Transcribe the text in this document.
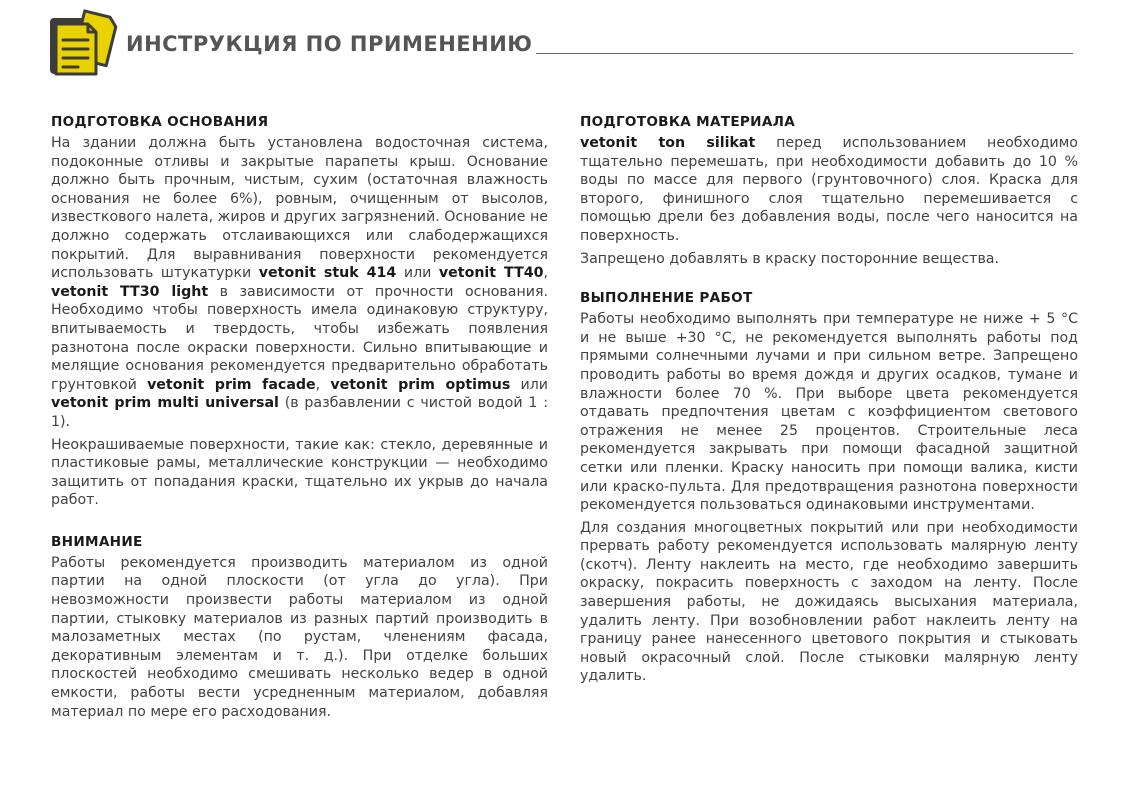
ИНСТРУКЦИЯ ПО ПРИМЕНЕНИЮ
ПОДГОТОВКА ОСНОВАНИЯ

На здании должна быть установлена водосточная система, подоконные отливы и закрытые парапеты крыш. Основание должно быть прочным, чистым, сухим (остаточная влажность основания не более 6%), ровным, очищенным от высолов, известкового налета, жиров и других загрязнений. Основание не должно содержать отслаивающихся или слабодержащихся покрытий. Для выравнивания поверхности рекомендуется использовать штукатурки vetonit stuk 414 или vetonit TT40, vetonit TT30 light в зависимости от прочности основания. Необходимо чтобы поверхность имела одинаковую структуру, впитываемость и твердость, чтобы избежать появления разнотона после окраски поверхности. Сильно впитывающие и мелящие основания рекомендуется предварительно обработать грунтовкой vetonit prim facade, vetonit prim optimus или vetonit prim multi universal (в разбавлении с чистой водой 1 : 1).

Неокрашиваемые поверхности, такие как: стекло, деревянные и пластиковые рамы, металлические конструкции — необходимо защитить от попадания краски, тщательно их укрыв до начала работ.

ВНИМАНИЕ

Работы рекомендуется производить материалом из одной партии на одной плоскости (от угла до угла). При невозможности произвести работы материалом из одной партии, стыковку материалов из разных партий производить в малозаметных местах (по рустам, членениям фасада, декоративным элементам и т. д.). При отделке больших плоскостей необходимо смешивать несколько ведер в одной емкости, работы вести усредненным материалом, добавляя материал по мере его расходования.

ПОДГОТОВКА МАТЕРИАЛА

vetonit ton silikat перед использованием необходимо тщательно перемешать, при необходимости добавить до 10 % воды по массе для первого (грунтовочного) слоя. Краска для второго, финишного слоя тщательно перемешивается с помощью дрели без добавления воды, после чего наносится на поверхность.

Запрещено добавлять в краску посторонние вещества.

ВЫПОЛНЕНИЕ РАБОТ

Работы необходимо выполнять при температуре не ниже + 5 °С и не выше +30 °С, не рекомендуется выполнять работы под прямыми солнечными лучами и при сильном ветре. Запрещено проводить работы во время дождя и других осадков, тумане и влажности более 70 %. При выборе цвета рекомендуется отдавать предпочтения цветам с коэффициентом светового отражения не менее 25 процентов. Строительные леса рекомендуется закрывать при помощи фасадной защитной сетки или пленки. Краску наносить при помощи валика, кисти или краско-пульта. Для предотвращения разнотона поверхности рекомендуется пользоваться одинаковыми инструментами.

Для создания многоцветных покрытий или при необходимости прервать работу рекомендуется использовать малярную ленту (скотч). Ленту наклеить на место, где необходимо завершить окраску, покрасить поверхность с заходом на ленту. После завершения работы, не дожидаясь высыхания материала, удалить ленту. При возобновлении работ наклеить ленту на границу ранее нанесенного цветового покрытия и стыковать новый окрасочный слой. После стыковки малярную ленту удалить.
